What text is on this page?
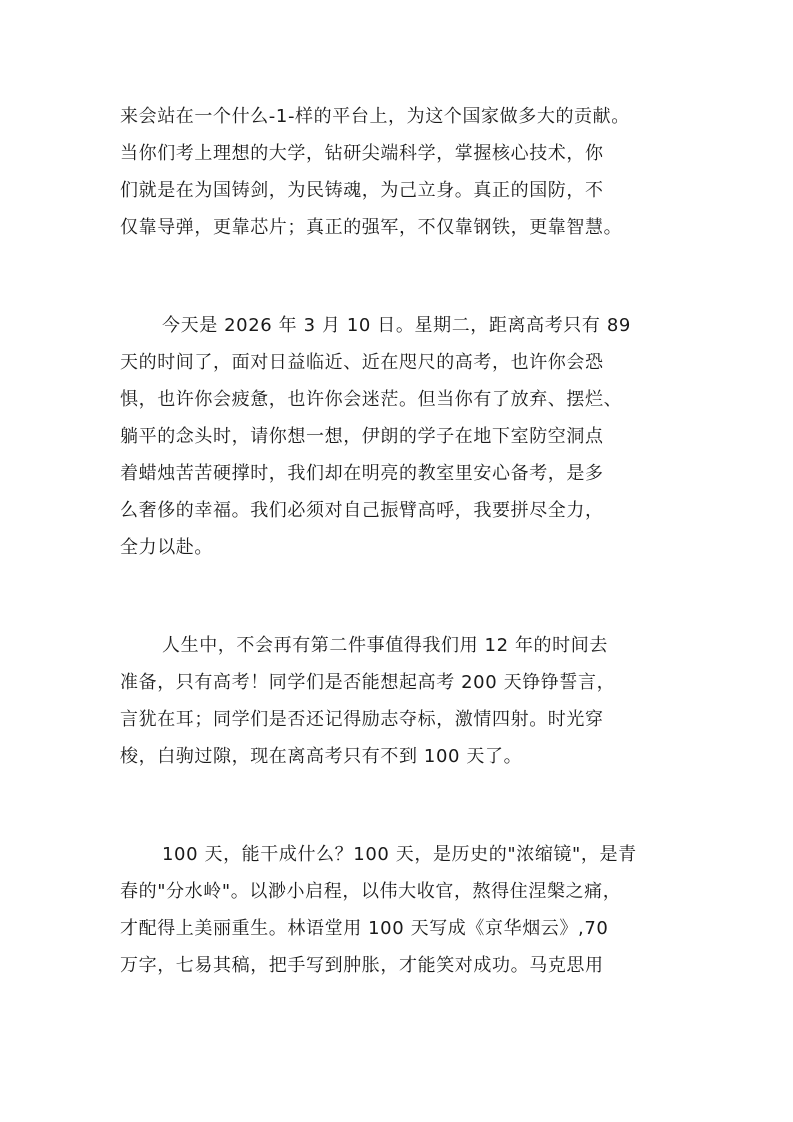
来会站在一个什么-1-样的平台上，为这个国家做多大的贡献。
当你们考上理想的大学，钻研尖端科学，掌握核心技术，你
们就是在为国铸剑，为民铸魂，为己立身。真正的国防，不
仅靠导弹，更靠芯片；真正的强军，不仅靠钢铁，更靠智慧。
今天是 2026 年 3 月 10 日。星期二，距离高考只有 89
天的时间了，面对日益临近、近在咫尺的高考，也许你会恐
惧，也许你会疲惫，也许你会迷茫。但当你有了放弃、摆烂、
躺平的念头时，请你想一想，伊朗的学子在地下室防空洞点
着蜡烛苦苦硬撑时，我们却在明亮的教室里安心备考，是多
么奢侈的幸福。我们必须对自己振臂高呼，我要拼尽全力，
全力以赴。
人生中，不会再有第二件事值得我们用 12 年的时间去
准备，只有高考！同学们是否能想起高考 200 天铮铮誓言，
言犹在耳；同学们是否还记得励志夺标，激情四射。时光穿
梭，白驹过隙，现在离高考只有不到 100 天了。
100 天，能干成什么？100 天，是历史的"浓缩镜"，是青
春的"分水岭"。以渺小启程，以伟大收官，熬得住涅槃之痛，
才配得上美丽重生。林语堂用 100 天写成《京华烟云》,70
万字，七易其稿，把手写到肿胀，才能笑对成功。马克思用
